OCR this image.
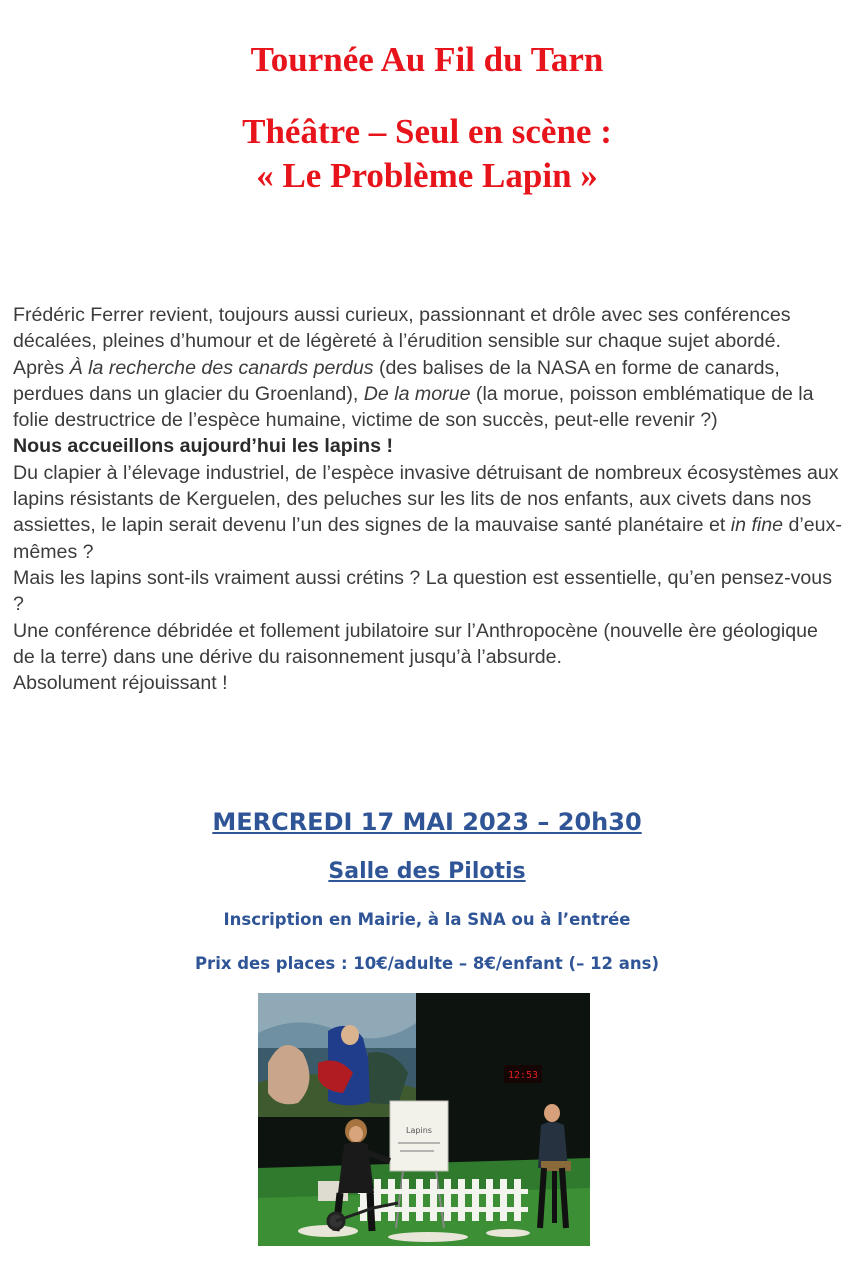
Tournée Au Fil du Tarn
Théâtre – Seul en scène :
« Le Problème Lapin »

Frédéric Ferrer revient, toujours aussi curieux, passionnant et drôle avec ses conférences décalées, pleines d’humour et de légèreté à l’érudition sensible sur chaque sujet abordé.

Après À la recherche des canards perdus (des balises de la NASA en forme de canards, perdues dans un glacier du Groenland), De la morue (la morue, poisson emblématique de la folie destructrice de l’espèce humaine, victime de son succès, peut-elle revenir ?)

Nous accueillons aujourd’hui les lapins !

Du clapier à l’élevage industriel, de l’espèce invasive détruisant de nombreux écosystèmes aux lapins résistants de Kerguelen, des peluches sur les lits de nos enfants, aux civets dans nos assiettes, le lapin serait devenu l’un des signes de la mauvaise santé planétaire et in fine d’eux-mêmes ?

Mais les lapins sont-ils vraiment aussi crétins ? La question est essentielle, qu’en pensez-vous ?

Une conférence débridée et follement jubilatoire sur l’Anthropocène (nouvelle ère géologique de la terre) dans une dérive du raisonnement jusqu’à l’absurde.

Absolument réjouissant !

MERCREDI 17 MAI 2023 – 20h30

Salle des Pilotis

Inscription en Mairie, à la SNA ou à l’entrée

Prix des places : 10€/adulte – 8€/enfant (– 12 ans)

12:53
Lapins
